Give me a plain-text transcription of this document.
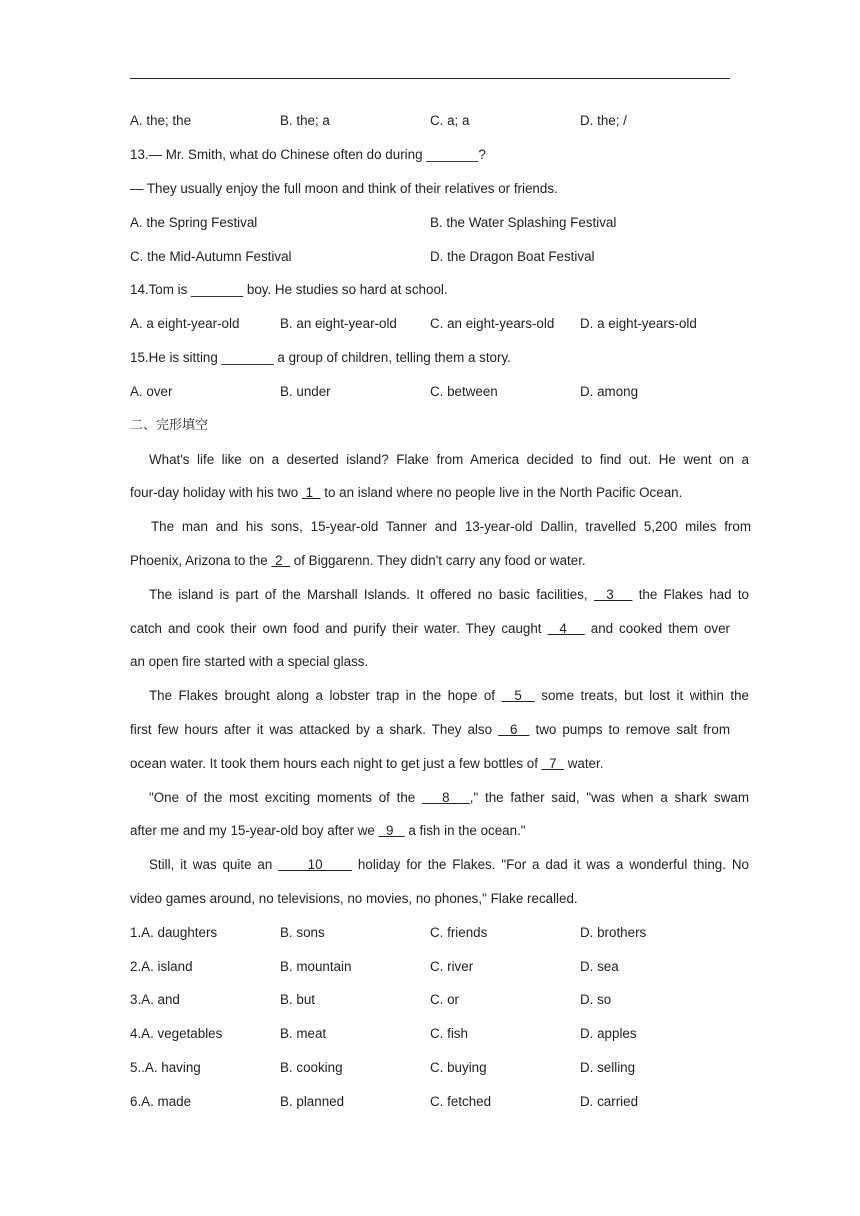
A. the; the	B. the; a	C. a; a	D. the; /
13.— Mr. Smith, what do Chinese often do during _______?
— They usually enjoy the full moon and think of their relatives or friends.
A. the Spring Festival	B. the Water Splashing Festival
C. the Mid-Autumn Festival	D. the Dragon Boat Festival
14.Tom is _______ boy. He studies so hard at school.
A. a eight-year-old	B. an eight-year-old C. an eight-years-old D. a eight-years-old
15.He is sitting _______ a group of children, telling them a story.
A. over	B. under	C. between	D. among
二、完形填空
What's life like on a deserted island? Flake from America decided to find out. He went on a
four-day holiday with his two  1   to an island where no people live in the North Pacific Ocean.
The man and his sons, 15-year-old Tanner and 13-year-old Dallin, travelled 5,200 miles from
Phoenix, Arizona to the  2   of Biggarenn. They didn't carry any food or water.
The island is part of the Marshall Islands. It offered no basic facilities,   3    the Flakes had to
catch and cook their own food and purify their water. They caught   4    and cooked them over
an open fire started with a special glass.
The Flakes brought along a lobster trap in the hope of   5   some treats, but lost it within the
first few hours after it was attacked by a shark. They also   6   two pumps to remove salt from
ocean water. It took them hours each night to get just a few bottles of   7   water.
"One of the most exciting moments of the    8   ," the father said, "was when a shark swam
after me and my 15-year-old boy after we   9    a fish in the ocean."
Still, it was quite an      10      holiday for the Flakes. "For a dad it was a wonderful thing. No
video games around, no televisions, no movies, no phones," Flake recalled.
1.A. daughters	B. sons	C. friends	D. brothers
2.A. island	B. mountain	C. river	D. sea
3.A. and	B. but	C. or	D. so
4.A. vegetables	B. meat	C. fish	D. apples
5..A. having	B. cooking	C. buying	D. selling
6.A. made	B. planned	C. fetched	D. carried
